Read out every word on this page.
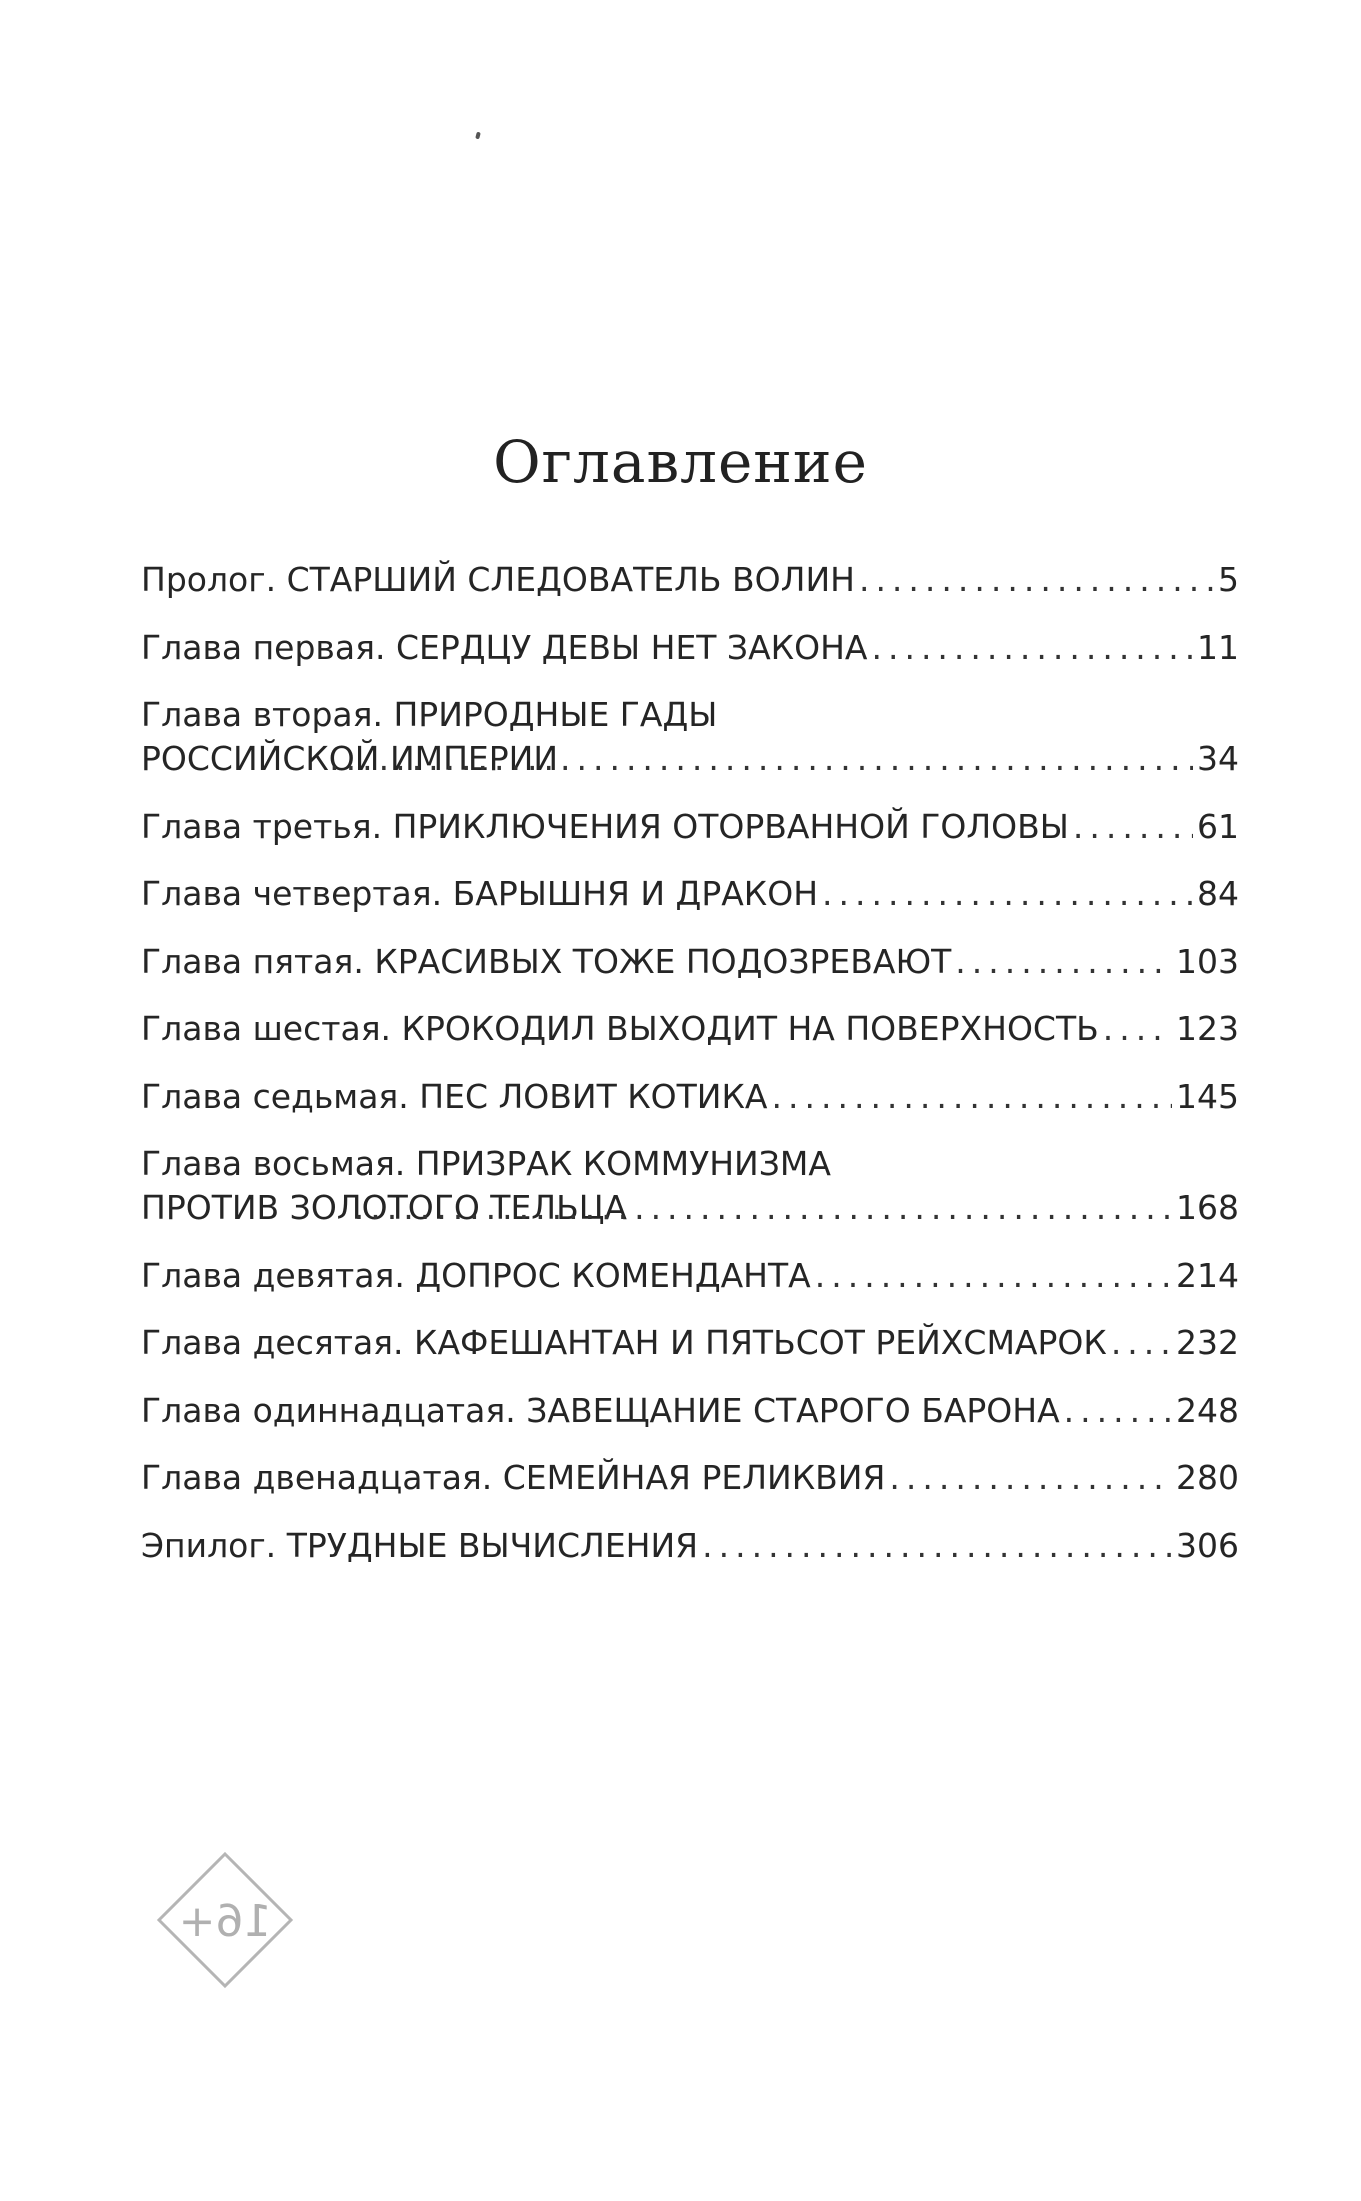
Оглавление
Пролог. СТАРШИЙ СЛЕДОВАТЕЛЬ ВОЛИН .....	5
Глава первая. СЕРДЦУ ДЕВЫ НЕТ ЗАКОНА .....	11
Глава вторая. ПРИРОДНЫЕ ГАДЫ
РОССИЙСКОЙ ИМПЕРИИ .....	34
Глава третья. ПРИКЛЮЧЕНИЯ ОТОРВАННОЙ ГОЛОВЫ .....	61
Глава четвертая. БАРЫШНЯ И ДРАКОН .....	84
Глава пятая. КРАСИВЫХ ТОЖЕ ПОДОЗРЕВАЮТ .....	103
Глава шестая. КРОКОДИЛ ВЫХОДИТ НА ПОВЕРХНОСТЬ ..... 123
Глава седьмая. ПЕС ЛОВИТ КОТИКА .....	145
Глава восьмая. ПРИЗРАК КОММУНИЗМА
ПРОТИВ ЗОЛОТОГО ТЕЛЬЦА .....	168
Глава девятая. ДОПРОС КОМЕНДАНТА .....	214
Глава десятая. КАФЕШАНТАН И ПЯТЬСОТ РЕЙХСМАРОК ..... 232
Глава одиннадцатая. ЗАВЕЩАНИЕ СТАРОГО БАРОНА .....	248
Глава двенадцатая. СЕМЕЙНАЯ РЕЛИКВИЯ .....	280
Эпилог. ТРУДНЫЕ ВЫЧИСЛЕНИЯ .....	306
16+
